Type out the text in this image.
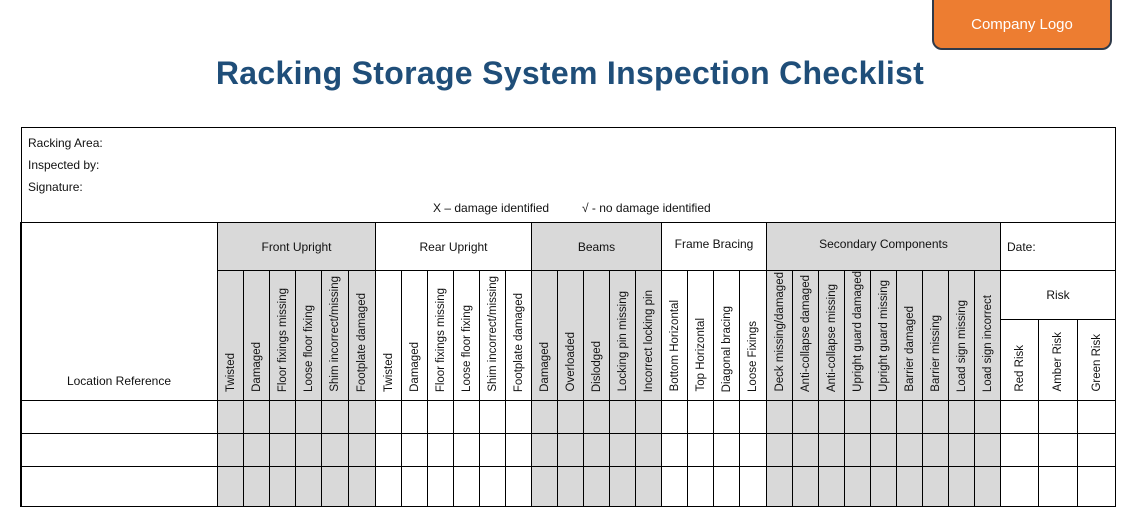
Company Logo
Racking Storage System Inspection Checklist
Racking Area:
Inspected by:
Signature:
X – damage identified	√ - no damage identified
Location Reference	Front Upright						Rear Upright						Beams					Frame Bracing				Secondary Components									Date:		
	Twisted	Damaged	Floor fixings missing	Loose floor fixing	Shim incorrect/missing	Footplate damaged	Twisted	Damaged	Floor fixings missing	Loose floor fixing	Shim incorrect/missing	Footplate damaged	Damaged	Overloaded	Dislodged	Locking pin missing	Incorrect locking pin	Bottom Horizontal	Top Horizontal	Diagonal bracing	Loose Fixings	Deck missing/damaged	Anti-collapse damaged	Anti-collapse missing	Upright guard damaged	Upright guard missing	Barrier damaged	Barrier missing	Load sign missing	Load sign incorrect	Risk		
																															Red Risk	Amber Risk	Green Risk
